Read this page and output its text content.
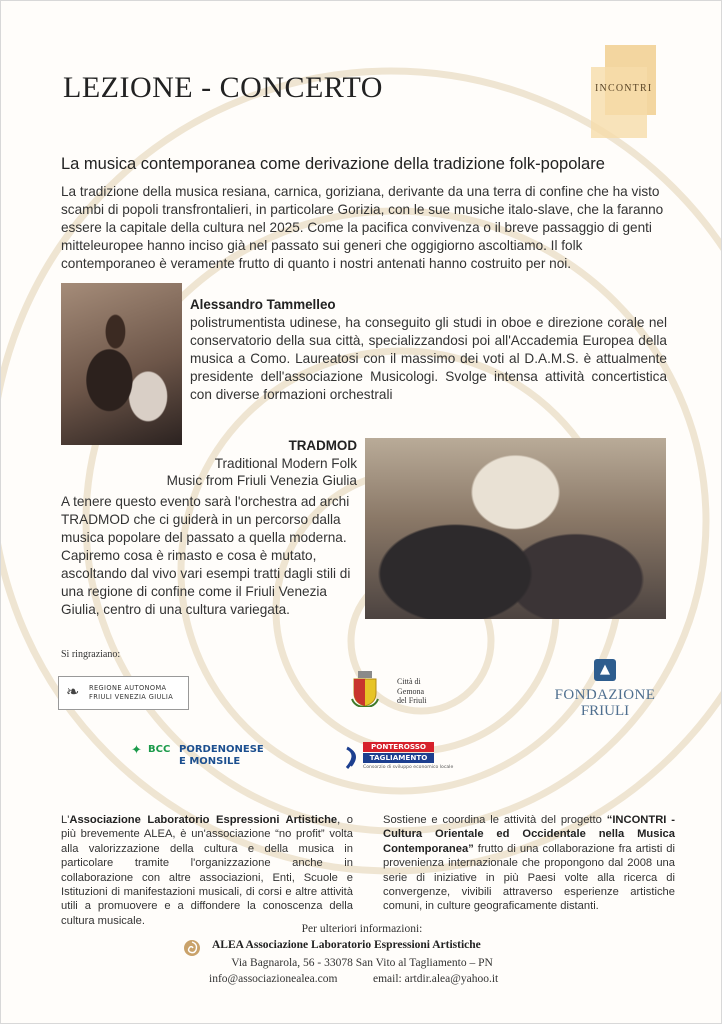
LEZIONE - CONCERTO	INCONTRI
La musica contemporanea come derivazione della tradizione folk-popolare
La tradizione della musica resiana, carnica, goriziana, derivante da una terra di confine che ha visto scambi di popoli transfrontalieri, in particolare Gorizia, con le sue musiche italo-slave, che la faranno essere la capitale della cultura nel 2025. Come la pacifica convivenza o il breve passaggio di genti mitteleuropee hanno inciso già nel passato sui generi che oggigiorno ascoltiamo. Il folk contemporaneo è veramente frutto di quanto i nostri antenati hanno costruito per noi.
Alessandro Tammelleo
polistrumentista udinese, ha conseguito gli studi in oboe e direzione corale nel conservatorio della sua città, specializzandosi poi all'Accademia Europea della musica a Como. Laureatosi con il massimo dei voti al D.A.M.S. è attualmente presidente dell'associazione Musicologi. Svolge intensa attività concertistica con diverse formazioni orchestrali
TRADMOD
Traditional Modern Folk
Music from Friuli Venezia Giulia
A tenere questo evento sarà l'orchestra ad archi TRADMOD che ci guiderà in un percorso dalla musica popolare del passato a quella moderna. Capiremo cosa è rimasto e cosa è mutato, ascoltando dal vivo vari esempi tratti dagli stili di una regione di confine come il Friuli Venezia Giulia, centro di una cultura variegata.
Si ringraziano:
❧	REGIONE AUTONOMA
FRIULI VENEZIA GIULIA
Città di
Gemona
del Friuli
▲
FONDAZIONE
FRIULI
✦ BCC PORDENONESE
E MONSILE
PONTEROSSO
TAGLIAMENTO
Consorzio di sviluppo economico locale
L'Associazione Laboratorio Espressioni Artistiche, o più brevemente ALEA, è un'associazione “no profit” volta alla valorizzazione della cultura e della musica in particolare tramite l'organizzazione anche in collaborazione con altre associazioni, Enti, Scuole e Istituzioni di manifestazioni musicali, di corsi e altre attività utili a promuovere e a diffondere la conoscenza della cultura musicale.
Sostiene e coordina le attività del progetto “INCONTRI - Cultura Orientale ed Occidentale nella Musica Contemporanea” frutto di una collaborazione fra artisti di provenienza internazionale che propongono dal 2008 una serie di iniziative in più Paesi volte alla ricerca di convergenze, vivibili attraverso esperienze artistiche comuni, in culture geograficamente distanti.
Per ulteriori informazioni:
ALEA Associazione Laboratorio Espressioni Artistiche
Via Bagnarola, 56 - 33078 San Vito al Tagliamento – PN
info@associazionealea.com	email: artdir.alea@yahoo.it
